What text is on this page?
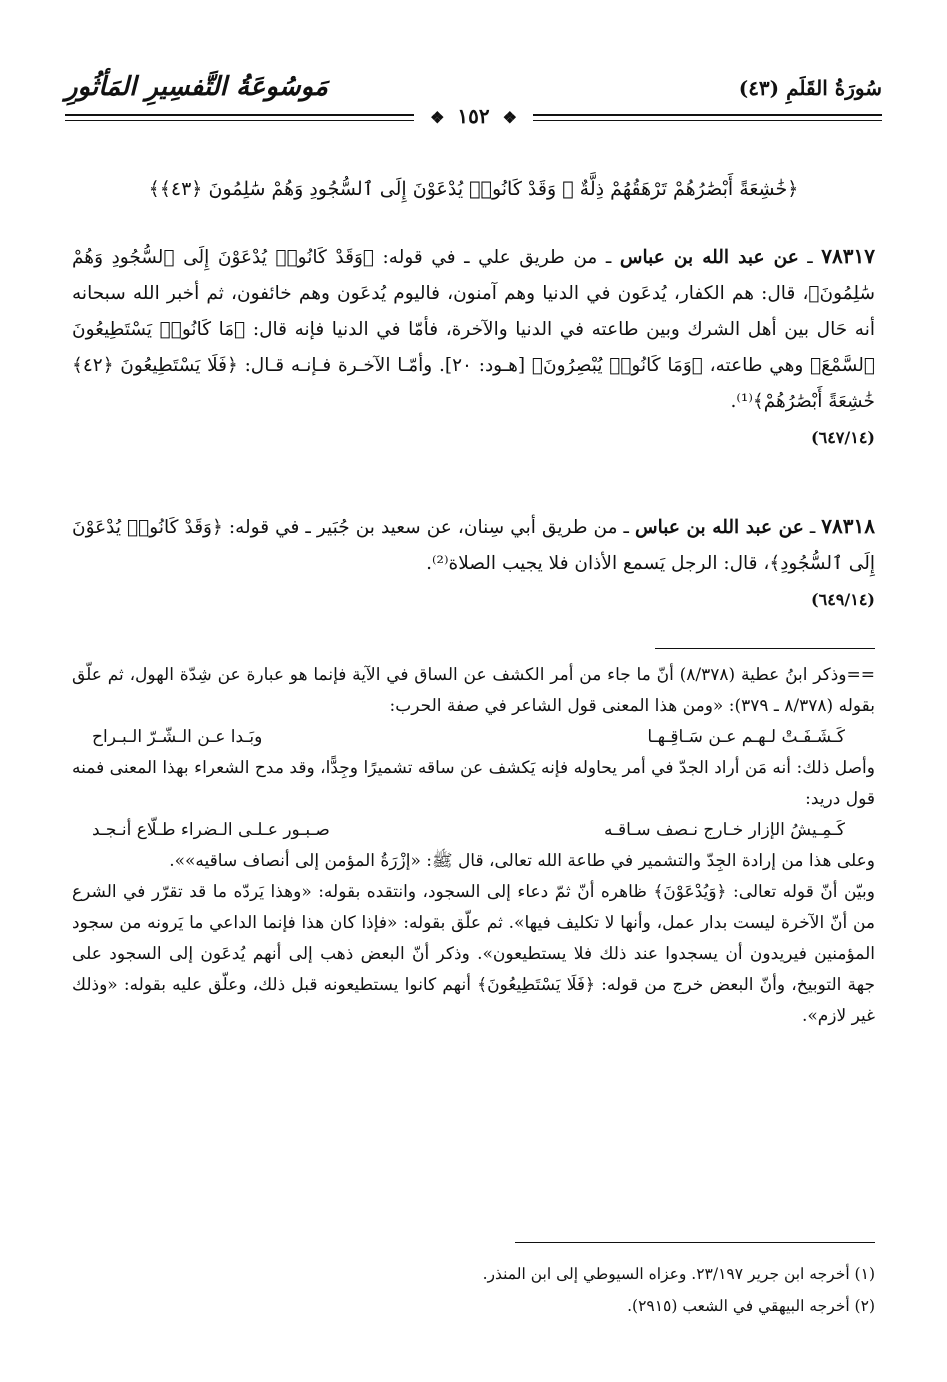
مَوسُوعَةُ التَّفسِيرِ المَأثُورِ	سُورَةُ القَلَمِ (٤٣)
❖ ١٥٢ ❖
﴿خَٰشِعَةً أَبْصَٰرُهُمْ تَرْهَقُهُمْ ذِلَّةٌ ۖ وَقَدْ كَانُوا۟ يُدْعَوْنَ إِلَى ٱلسُّجُودِ وَهُمْ سَٰلِمُونَ ﴿٤٣﴾﴾
٧٨٣١٧ ـ عن عبد الله بن عباس ـ من طريق علي ـ في قوله: ﴿وَقَدْ كَانُوا۟ يُدْعَوْنَ إِلَى ٱلسُّجُودِ وَهُمْ سَٰلِمُونَ﴾، قال: هم الكفار، يُدعَون في الدنيا وهم آمنون، فاليوم يُدعَون وهم خائفون، ثم أخبر الله سبحانه أنه حَال بين أهل الشرك وبين طاعته في الدنيا والآخرة، فأمّا في الدنيا فإنه قال: ﴿مَا كَانُوا۟ يَسْتَطِيعُونَ ٱلسَّمْعَ﴾ وهي طاعته، ﴿وَمَا كَانُوا۟ يُبْصِرُونَ﴾ [هـود: ٢٠]. وأمّـا الآخـرة فـإنـه قـال: ﴿فَلَا يَسْتَطِيعُونَ ﴿٤٢﴾ خَٰشِعَةً أَبْصَٰرُهُمْ﴾⁽¹⁾.
(٦٤٧/١٤)
٧٨٣١٨ ـ عن عبد الله بن عباس ـ من طريق أبي سِنان، عن سعيد بن جُبَير ـ في قوله: ﴿وَقَدْ كَانُوا۟ يُدْعَوْنَ إِلَى ٱلسُّجُودِ﴾، قال: الرجل يَسمع الأذان فلا يجيب الصلاة⁽²⁾.
(٦٤٩/١٤)
==وذكر ابنُ عطية (٨/٣٧٨) أنّ ما جاء من أمر الكشف عن الساق في الآية فإنما هو عبارة عن شِدّة الهول، ثم علّق بقوله (٨/٣٧٨ ـ ٣٧٩): «ومن هذا المعنى قول الشاعر في صفة الحرب:
كَـشَـفَـتْ لـهـم عـن سَـاقِـهـا
وبَـدا عـن الـشّـرّ الـبـراح
وأصل ذلك: أنه مَن أراد الجدّ في أمر يحاوله فإنه يَكشف عن ساقه تشميرًا وجِدًّا، وقد مدح الشعراء بهذا المعنى فمنه قول دريد:
كَـمِـيشُ الإزار خـارج نـصف سـاقـه
صـبـور عـلـى الـضراء طـلّاع أنـجـد
وعلى هذا من إرادة الجِدّ والتشمير في طاعة الله تعالى، قال ﷺ: «إزْرَةُ المؤمن إلى أنصاف ساقيه»».
وبيّن أنّ قوله تعالى: ﴿وَيُدْعَوْنَ﴾ ظاهره أنّ ثمّ دعاء إلى السجود، وانتقده بقوله: «وهذا يَردّه ما قد تقرّر في الشرع من أنّ الآخرة ليست بدار عمل، وأنها لا تكليف فيها». ثم علّق بقوله: «فإذا كان هذا فإنما الداعي ما يَرونه من سجود المؤمنين فيريدون أن يسجدوا عند ذلك فلا يستطيعون». وذكر أنّ البعض ذهب إلى أنهم يُدعَون إلى السجود على جهة التوبيخ، وأنّ البعض خرج من قوله: ﴿فَلَا يَسْتَطِيعُونَ﴾ أنهم كانوا يستطيعونه قبل ذلك، وعلّق عليه بقوله: «وذلك غير لازم».
(١) أخرجه ابن جرير ٢٣/١٩٧. وعزاه السيوطي إلى ابن المنذر.
(٢) أخرجه البيهقي في الشعب (٢٩١٥).
